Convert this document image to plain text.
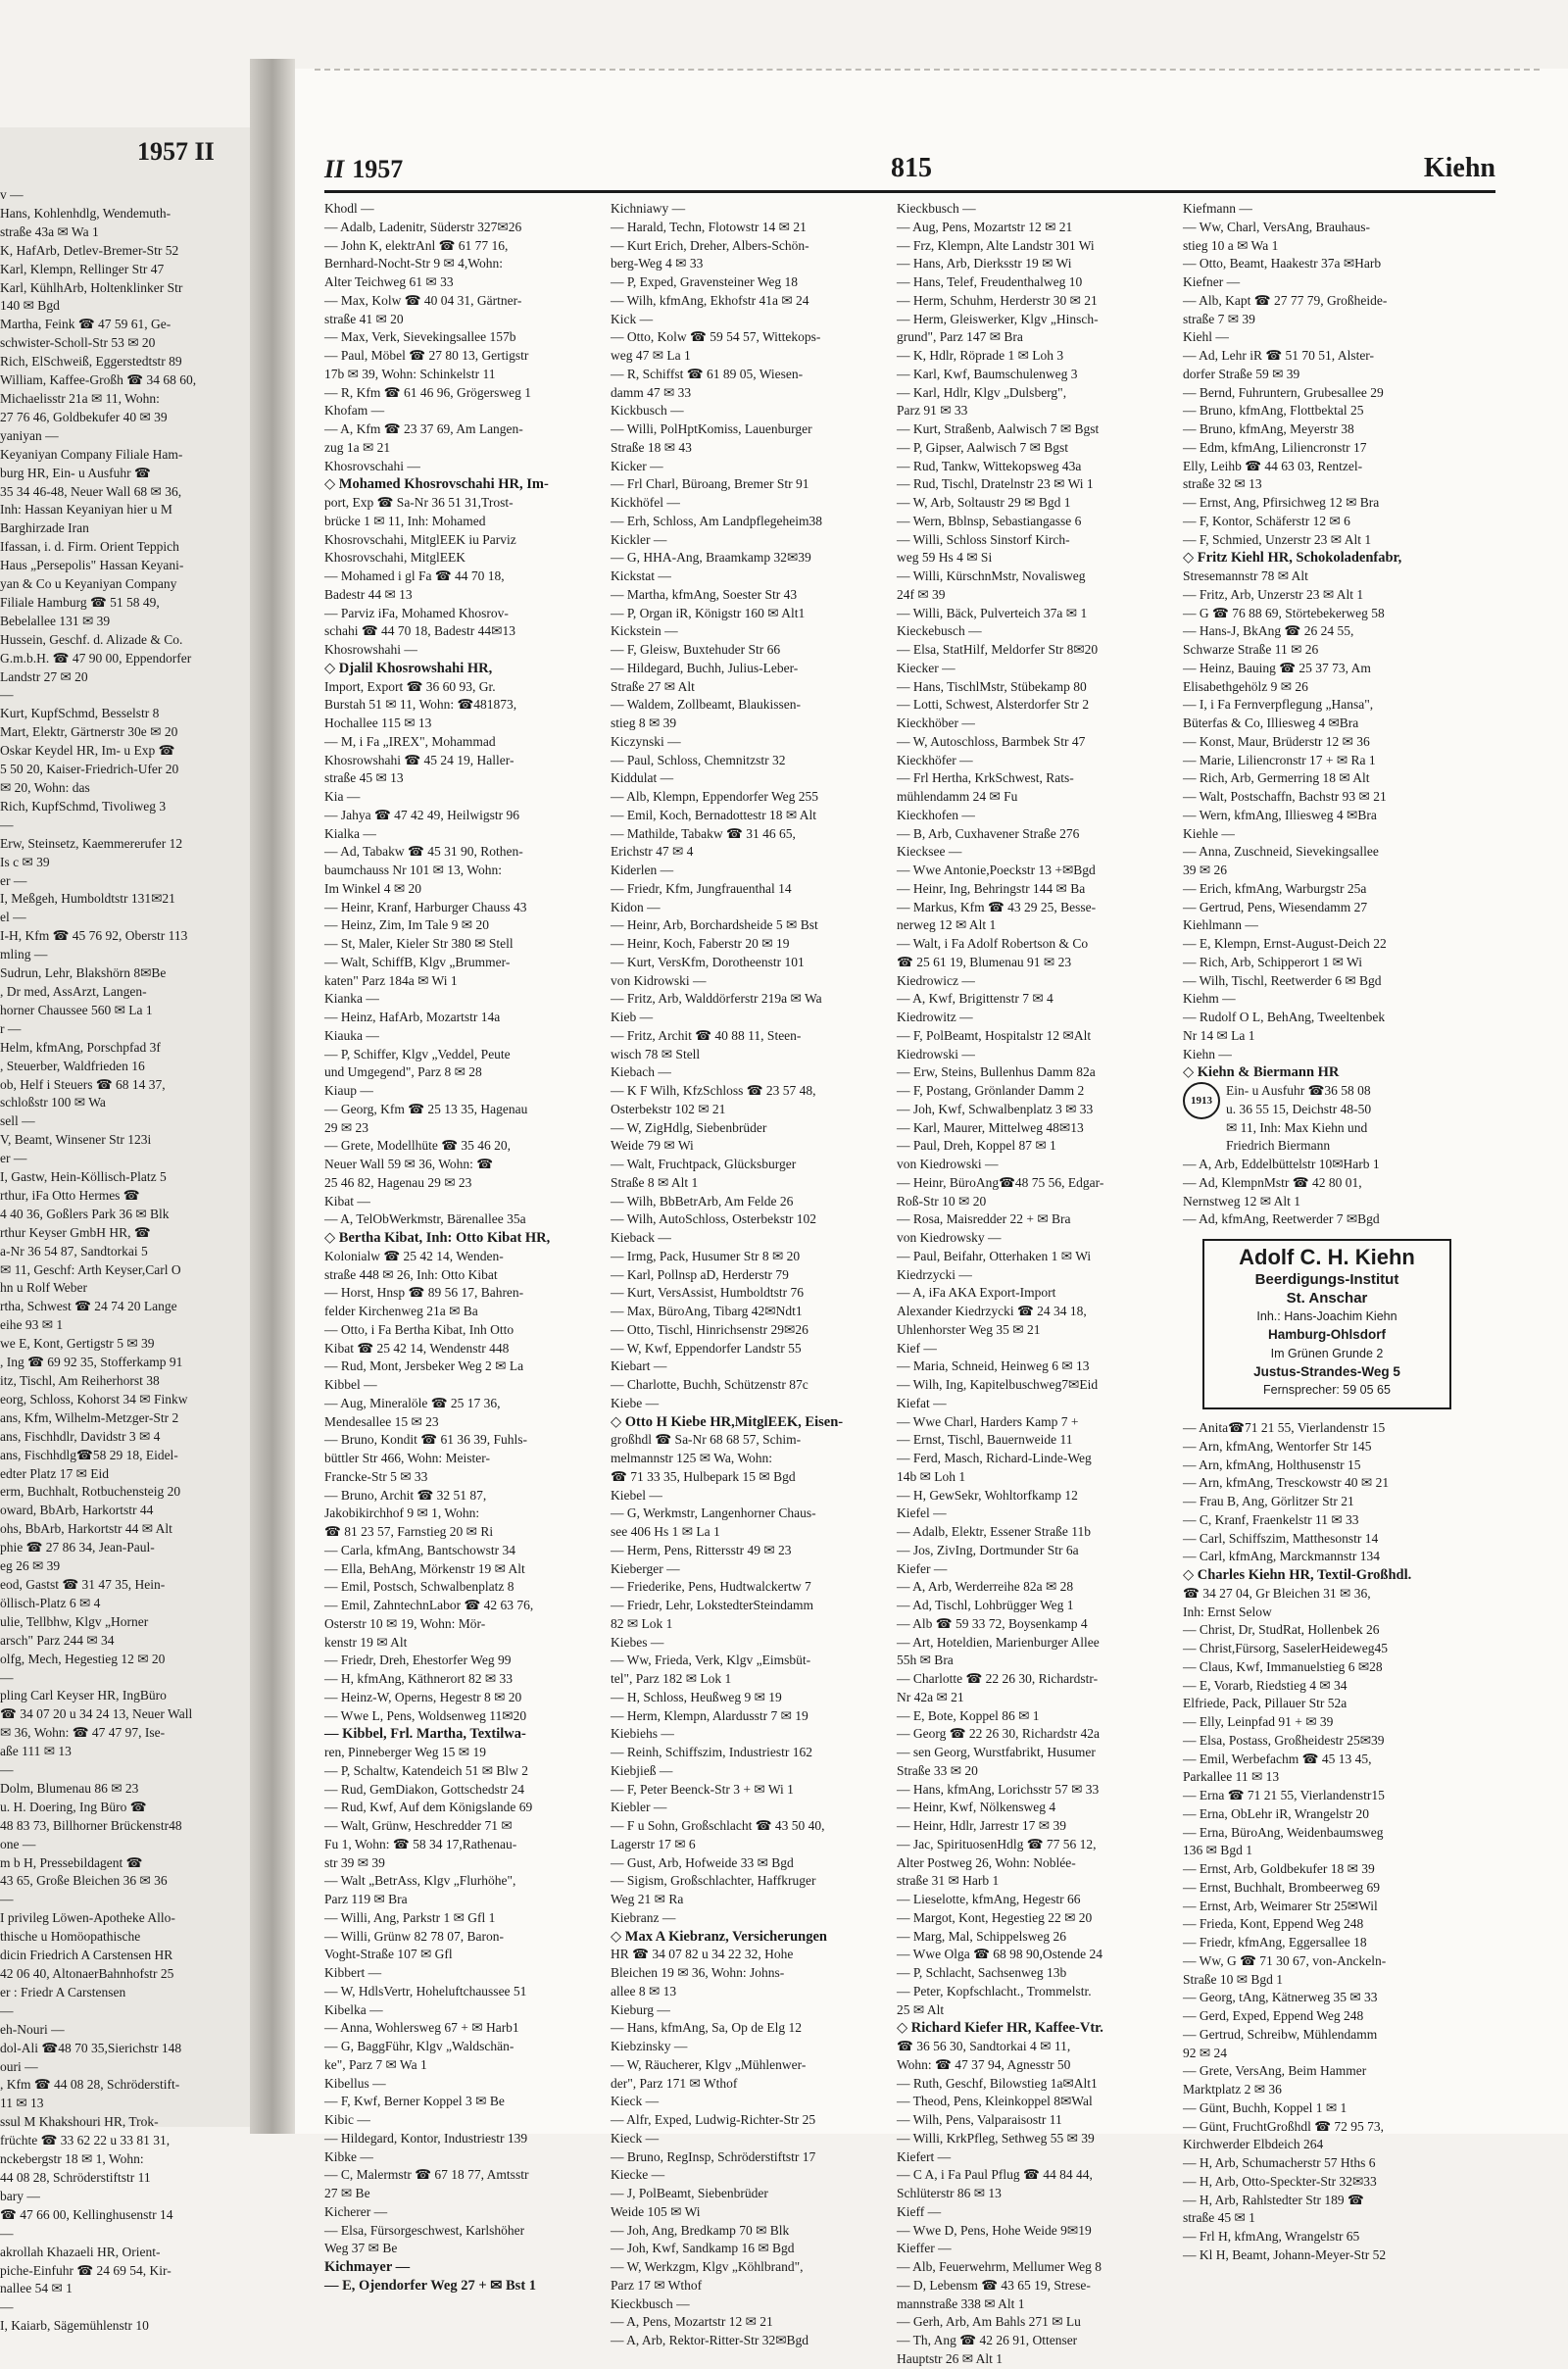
1957 II
v —
Hans, Kohlenhdlg, Wendemuth-
straße 43a ✉ Wa 1
K, HafArb, Detlev-Bremer-Str 52
Karl, Klempn, Rellinger Str 47
Karl, KühlhArb, Holtenklinker Str
140 ✉ Bgd
Martha, Feink ☎ 47 59 61, Ge-
schwister-Scholl-Str 53 ✉ 20
Rich, ElSchweiß, Eggerstedtstr 89
William, Kaffee-Großh ☎ 34 68 60,
Michaelisstr 21a ✉ 11, Wohn:
27 76 46, Goldbekufer 40 ✉ 39
yaniyan —
Keyaniyan Company Filiale Ham-
burg HR, Ein- u Ausfuhr ☎
35 34 46-48, Neuer Wall 68 ✉ 36,
Inh: Hassan Keyaniyan hier u M
Barghirzade Iran
Ifassan, i. d. Firm. Orient Teppich
Haus „Persepolis" Hassan Keyani-
yan & Co u Keyaniyan Company
Filiale Hamburg ☎ 51 58 49,
Bebelallee 131 ✉ 39
Hussein, Geschf. d. Alizade & Co.
G.m.b.H. ☎ 47 90 00, Eppendorfer
Landstr 27 ✉ 20
—
Kurt, KupfSchmd, Besselstr 8
Mart, Elektr, Gärtnerstr 30e ✉ 20
Oskar Keydel HR, Im- u Exp ☎
5 50 20, Kaiser-Friedrich-Ufer 20
✉ 20, Wohn: das
Rich, KupfSchmd, Tivoliweg 3
—
Erw, Steinsetz, Kaemmererufer 12
Is c ✉ 39
er —
I, Meßgeh, Humboldtstr 131✉21
el —
I-H, Kfm ☎ 45 76 92, Oberstr 113
mling —
Sudrun, Lehr, Blakshörn 8✉Be
, Dr med, AssArzt, Langen-
horner Chaussee 560 ✉ La 1
r —
Helm, kfmAng, Porschpfad 3f
, Steuerber, Waldfrieden 16
ob, Helf i Steuers ☎ 68 14 37,
schloßstr 100 ✉ Wa
sell —
V, Beamt, Winsener Str 123i
er —
I, Gastw, Hein-Köllisch-Platz 5
rthur, iFa Otto Hermes ☎
4 40 36, Goßlers Park 36 ✉ Blk
rthur Keyser GmbH HR, ☎
a-Nr 36 54 87, Sandtorkai 5
✉ 11, Geschf: Arth Keyser,Carl O
hn u Rolf Weber
rtha, Schwest ☎ 24 74 20 Lange
eihe 93 ✉ 1
we E, Kont, Gertigstr 5 ✉ 39
, Ing ☎ 69 92 35, Stofferkamp 91
itz, Tischl, Am Reiherhorst 38
eorg, Schloss, Kohorst 34 ✉ Finkw
ans, Kfm, Wilhelm-Metzger-Str 2
ans, Fischhdlr, Davidstr 3 ✉ 4
ans, Fischhdlg☎58 29 18, Eidel-
edter Platz 17 ✉ Eid
erm, Buchhalt, Rotbuchensteig 20
oward, BbArb, Harkortstr 44
ohs, BbArb, Harkortstr 44 ✉ Alt
phie ☎ 27 86 34, Jean-Paul-
eg 26 ✉ 39
eod, Gastst ☎ 31 47 35, Hein-
öllisch-Platz 6 ✉ 4
ulie, Tellbhw, Klgv „Horner
arsch" Parz 244 ✉ 34
olfg, Mech, Hegestieg 12 ✉ 20
—
pling Carl Keyser HR, IngBüro
☎ 34 07 20 u 34 24 13, Neuer Wall
✉ 36, Wohn: ☎ 47 47 97, Ise-
aße 111 ✉ 13
—
Dolm, Blumenau 86 ✉ 23
u. H. Doering, Ing Büro ☎
48 83 73, Billhorner Brückenstr48
one —
m b H, Pressebildagent ☎
43 65, Große Bleichen 36 ✉ 36
—
I privileg Löwen-Apotheke Allo-
thische u Homöopathische
dicin Friedrich A Carstensen HR
42 06 40, AltonaerBahnhofstr 25
er : Friedr A Carstensen
—
eh-Nouri —
dol-Ali ☎48 70 35,Sierichstr 148
ouri —
, Kfm ☎ 44 08 28, Schröderstift-
11 ✉ 13
ssul M Khakshouri HR, Trok-
früchte ☎ 33 62 22 u 33 81 31,
nckebergstr 18 ✉ 1, Wohn:
44 08 28, Schröderstiftstr 11
bary —
☎ 47 66 00, Kellinghusenstr 14
—
akrollah Khazaeli HR, Orient-
piche-Einfuhr ☎ 24 69 54, Kir-
nallee 54 ✉ 1
—
I, Kaiarb, Sägemühlenstr 10
II 1957	815	Kiehn
Khodl —
— Adalb, Ladenitr, Süderstr 327✉26
— John K, elektrAnl ☎ 61 77 16,
Bernhard-Nocht-Str 9 ✉ 4,Wohn:
Alter Teichweg 61 ✉ 33
— Max, Kolw ☎ 40 04 31, Gärtner-
straße 41 ✉ 20
— Max, Verk, Sievekingsallee 157b
— Paul, Möbel ☎ 27 80 13, Gertigstr
17b ✉ 39, Wohn: Schinkelstr 11
— R, Kfm ☎ 61 46 96, Grögersweg 1
Khofam —
— A, Kfm ☎ 23 37 69, Am Langen-
zug 1a ✉ 21
Khosrovschahi —
◇ Mohamed Khosrovschahi HR, Im-
port, Exp ☎ Sa-Nr 36 51 31,Trost-
brücke 1 ✉ 11, Inh: Mohamed
Khosrovschahi, MitglEEK iu Parviz
Khosrovschahi, MitglEEK
— Mohamed i gl Fa ☎ 44 70 18,
Badestr 44 ✉ 13
— Parviz iFa, Mohamed Khosrov-
schahi ☎ 44 70 18, Badestr 44✉13
Khosrowshahi —
◇ Djalil Khosrowshahi HR,
Import, Export ☎ 36 60 93, Gr.
Burstah 51 ✉ 11, Wohn: ☎481873,
Hochallee 115 ✉ 13
— M, i Fa „IREX", Mohammad
Khosrowshahi ☎ 45 24 19, Haller-
straße 45 ✉ 13
Kia —
— Jahya ☎ 47 42 49, Heilwigstr 96
Kialka —
— Ad, Tabakw ☎ 45 31 90, Rothen-
baumchauss Nr 101 ✉ 13, Wohn:
Im Winkel 4 ✉ 20
— Heinr, Kranf, Harburger Chauss 43
— Heinz, Zim, Im Tale 9 ✉ 20
— St, Maler, Kieler Str 380 ✉ Stell
— Walt, SchiffB, Klgv „Brummer-
katen" Parz 184a ✉ Wi 1
Kianka —
— Heinz, HafArb, Mozartstr 14a
Kiauka —
— P, Schiffer, Klgv „Veddel, Peute
und Umgegend", Parz 8 ✉ 28
Kiaup —
— Georg, Kfm ☎ 25 13 35, Hagenau
29 ✉ 23
— Grete, Modellhüte ☎ 35 46 20,
Neuer Wall 59 ✉ 36, Wohn: ☎
25 46 82, Hagenau 29 ✉ 23
Kibat —
— A, TelObWerkmstr, Bärenallee 35a
◇ Bertha Kibat, Inh: Otto Kibat HR,
Kolonialw ☎ 25 42 14, Wenden-
straße 448 ✉ 26, Inh: Otto Kibat
— Horst, Hnsp ☎ 89 56 17, Bahren-
felder Kirchenweg 21a ✉ Ba
— Otto, i Fa Bertha Kibat, Inh Otto
Kibat ☎ 25 42 14, Wendenstr 448
— Rud, Mont, Jersbeker Weg 2 ✉ La
Kibbel —
— Aug, Mineralöle ☎ 25 17 36,
Mendesallee 15 ✉ 23
— Bruno, Kondit ☎ 61 36 39, Fuhls-
büttler Str 466, Wohn: Meister-
Francke-Str 5 ✉ 33
— Bruno, Archit ☎ 32 51 87,
Jakobikirchhof 9 ✉ 1, Wohn:
☎ 81 23 57, Farnstieg 20 ✉ Ri
— Carla, kfmAng, Bantschowstr 34
— Ella, BehAng, Mörkenstr 19 ✉ Alt
— Emil, Postsch, Schwalbenplatz 8
— Emil, ZahntechnLabor ☎ 42 63 76,
Osterstr 10 ✉ 19, Wohn: Mör-
kenstr 19 ✉ Alt
— Friedr, Dreh, Ehestorfer Weg 99
— H, kfmAng, Käthnerort 82 ✉ 33
— Heinz-W, Operns, Hegestr 8 ✉ 20
— Wwe L, Pens, Woldsenweg 11✉20
— Kibbel, Frl. Martha, Textilwa-
ren, Pinneberger Weg 15 ✉ 19
— P, Schaltw, Katendeich 51 ✉ Blw 2
— Rud, GemDiakon, Gottschedstr 24
— Rud, Kwf, Auf dem Königslande 69
— Walt, Grünw, Heschredder 71 ✉
Fu 1, Wohn: ☎ 58 34 17,Rathenau-
str 39 ✉ 39
— Walt „BetrAss, Klgv „Flurhöhe",
Parz 119 ✉ Bra
— Willi, Ang, Parkstr 1 ✉ Gfl 1
— Willi, Grünw 82 78 07, Baron-
Voght-Straße 107 ✉ Gfl
Kibbert —
— W, HdlsVertr, Hoheluftchaussee 51
Kibelka —
— Anna, Wohlersweg 67 + ✉ Harb1
— G, BaggFühr, Klgv „Waldschän-
ke", Parz 7 ✉ Wa 1
Kibellus —
— F, Kwf, Berner Koppel 3 ✉ Be
Kibic —
— Hildegard, Kontor, Industriestr 139
Kibke —
— C, Malermstr ☎ 67 18 77, Amtsstr
27 ✉ Be
Kicherer —
— Elsa, Fürsorgeschwest, Karlshöher
Weg 37 ✉ Be
Kichmayer —
— E, Ojendorfer Weg 27 + ✉ Bst 1
Kichniawy —
— Harald, Techn, Flotowstr 14 ✉ 21
— Kurt Erich, Dreher, Albers-Schön-
berg-Weg 4 ✉ 33
— P, Exped, Gravensteiner Weg 18
— Wilh, kfmAng, Ekhofstr 41a ✉ 24
Kick —
— Otto, Kolw ☎ 59 54 57, Wittekops-
weg 47 ✉ La 1
— R, Schiffst ☎ 61 89 05, Wiesen-
damm 47 ✉ 33
Kickbusch —
— Willi, PolHptKomiss, Lauenburger
Straße 18 ✉ 43
Kicker —
— Frl Charl, Büroang, Bremer Str 91
Kickhöfel —
— Erh, Schloss, Am Landpflegeheim38
Kickler —
— G, HHA-Ang, Braamkamp 32✉39
Kickstat —
— Martha, kfmAng, Soester Str 43
— P, Organ iR, Königstr 160 ✉ Alt1
Kickstein —
— F, Gleisw, Buxtehuder Str 66
— Hildegard, Buchh, Julius-Leber-
Straße 27 ✉ Alt
— Waldem, Zollbeamt, Blaukissen-
stieg 8 ✉ 39
Kiczynski —
— Paul, Schloss, Chemnitzstr 32
Kiddulat —
— Alb, Klempn, Eppendorfer Weg 255
— Emil, Koch, Bernadottestr 18 ✉ Alt
— Mathilde, Tabakw ☎ 31 46 65,
Erichstr 47 ✉ 4
Kiderlen —
— Friedr, Kfm, Jungfrauenthal 14
Kidon —
— Heinr, Arb, Borchardsheide 5 ✉ Bst
— Heinr, Koch, Faberstr 20 ✉ 19
— Kurt, VersKfm, Dorotheenstr 101
von Kidrowski —
— Fritz, Arb, Walddörferstr 219a ✉ Wa
Kieb —
— Fritz, Archit ☎ 40 88 11, Steen-
wisch 78 ✉ Stell
Kiebach —
— K F Wilh, KfzSchloss ☎ 23 57 48,
Osterbekstr 102 ✉ 21
— W, ZigHdlg, Siebenbrüder
Weide 79 ✉ Wi
— Walt, Fruchtpack, Glücksburger
Straße 8 ✉ Alt 1
— Wilh, BbBetrArb, Am Felde 26
— Wilh, AutoSchloss, Osterbekstr 102
Kieback —
— Irmg, Pack, Husumer Str 8 ✉ 20
— Karl, Pollnsp aD, Herderstr 79
— Kurt, VersAssist, Humboldtstr 76
— Max, BüroAng, Tibarg 42✉Ndt1
— Otto, Tischl, Hinrichsenstr 29✉26
— W, Kwf, Eppendorfer Landstr 55
Kiebart —
— Charlotte, Buchh, Schützenstr 87c
Kiebe —
◇ Otto H Kiebe HR,MitglEEK, Eisen-
großhdl ☎ Sa-Nr 68 68 57, Schim-
melmannstr 125 ✉ Wa, Wohn:
☎ 71 33 35, Hulbepark 15 ✉ Bgd
Kiebel —
— G, Werkmstr, Langenhorner Chaus-
see 406 Hs 1 ✉ La 1
— Herm, Pens, Rittersstr 49 ✉ 23
Kieberger —
— Friederike, Pens, Hudtwalckertw 7
— Friedr, Lehr, LokstedterSteindamm
82 ✉ Lok 1
Kiebes —
— Ww, Frieda, Verk, Klgv „Eimsbüt-
tel", Parz 182 ✉ Lok 1
— H, Schloss, Heußweg 9 ✉ 19
— Herm, Klempn, Alardusstr 7 ✉ 19
Kiebiehs —
— Reinh, Schiffszim, Industriestr 162
Kiebjieß —
— F, Peter Beenck-Str 3 + ✉ Wi 1
Kiebler —
— F u Sohn, Großschlacht ☎ 43 50 40,
Lagerstr 17 ✉ 6
— Gust, Arb, Hofweide 33 ✉ Bgd
— Sigism, Großschlachter, Haffkruger
Weg 21 ✉ Ra
Kiebranz —
◇ Max A Kiebranz, Versicherungen
HR ☎ 34 07 82 u 34 22 32, Hohe
Bleichen 19 ✉ 36, Wohn: Johns-
allee 8 ✉ 13
Kieburg —
— Hans, kfmAng, Sa, Op de Elg 12
Kiebzinsky —
— W, Räucherer, Klgv „Mühlenwer-
der", Parz 171 ✉ Wthof
Kieck —
— Alfr, Exped, Ludwig-Richter-Str 25
Kieck —
— Bruno, RegInsp, Schröderstiftstr 17
Kiecke —
— J, PolBeamt, Siebenbrüder
Weide 105 ✉ Wi
— Joh, Ang, Bredkamp 70 ✉ Blk
— Joh, Kwf, Sandkamp 16 ✉ Bgd
— W, Werkzgm, Klgv „Köhlbrand",
Parz 17 ✉ Wthof
Kieckbusch —
— A, Pens, Mozartstr 12 ✉ 21
— A, Arb, Rektor-Ritter-Str 32✉Bgd
Kieckbusch —
— Aug, Pens, Mozartstr 12 ✉ 21
— Frz, Klempn, Alte Landstr 301 Wi
— Hans, Arb, Dierksstr 19 ✉ Wi
— Hans, Telef, Freudenthalweg 10
— Herm, Schuhm, Herderstr 30 ✉ 21
— Herm, Gleiswerker, Klgv „Hinsch-
grund", Parz 147 ✉ Bra
— K, Hdlr, Röprade 1 ✉ Loh 3
— Karl, Kwf, Baumschulenweg 3
— Karl, Hdlr, Klgv „Dulsberg",
Parz 91 ✉ 33
— Kurt, Straßenb, Aalwisch 7 ✉ Bgst
— P, Gipser, Aalwisch 7 ✉ Bgst
— Rud, Tankw, Wittekopsweg 43a
— Rud, Tischl, Dratelnstr 23 ✉ Wi 1
— W, Arb, Soltaustr 29 ✉ Bgd 1
— Wern, Bblnsp, Sebastiangasse 6
— Willi, Schloss Sinstorf Kirch-
weg 59 Hs 4 ✉ Si
— Willi, KürschnMstr, Novalisweg
24f ✉ 39
— Willi, Bäck, Pulverteich 37a ✉ 1
Kieckebusch —
— Elsa, StatHilf, Meldorfer Str 8✉20
Kiecker —
— Hans, TischlMstr, Stübekamp 80
— Lotti, Schwest, Alsterdorfer Str 2
Kieckhöber —
— W, Autoschloss, Barmbek Str 47
Kieckhöfer —
— Frl Hertha, KrkSchwest, Rats-
mühlendamm 24 ✉ Fu
Kieckhofen —
— B, Arb, Cuxhavener Straße 276
Kiecksee —
— Wwe Antonie,Poeckstr 13 +✉Bgd
— Heinr, Ing, Behringstr 144 ✉ Ba
— Markus, Kfm ☎ 43 29 25, Besse-
nerweg 12 ✉ Alt 1
— Walt, i Fa Adolf Robertson & Co
☎ 25 61 19, Blumenau 91 ✉ 23
Kiedrowicz —
— A, Kwf, Brigittenstr 7 ✉ 4
Kiedrowitz —
— F, PolBeamt, Hospitalstr 12 ✉Alt
Kiedrowski —
— Erw, Steins, Bullenhus Damm 82a
— F, Postang, Grönlander Damm 2
— Joh, Kwf, Schwalbenplatz 3 ✉ 33
— Karl, Maurer, Mittelweg 48✉13
— Paul, Dreh, Koppel 87 ✉ 1
von Kiedrowski —
— Heinr, BüroAng☎48 75 56, Edgar-
Roß-Str 10 ✉ 20
— Rosa, Maisredder 22 + ✉ Bra
von Kiedrowsky —
— Paul, Beifahr, Otterhaken 1 ✉ Wi
Kiedrzycki —
— A, iFa AKA Export-Import
Alexander Kiedrzycki ☎ 24 34 18,
Uhlenhorster Weg 35 ✉ 21
Kief —
— Maria, Schneid, Heinweg 6 ✉ 13
— Wilh, Ing, Kapitelbuschweg7✉Eid
Kiefat —
— Wwe Charl, Harders Kamp 7 +
— Ernst, Tischl, Bauernweide 11
— Ferd, Masch, Richard-Linde-Weg
14b ✉ Loh 1
— H, GewSekr, Wohltorfkamp 12
Kiefel —
— Adalb, Elektr, Essener Straße 11b
— Jos, ZivIng, Dortmunder Str 6a
Kiefer —
— A, Arb, Werderreihe 82a ✉ 28
— Ad, Tischl, Lohbrügger Weg 1
— Alb ☎ 59 33 72, Boysenkamp 4
— Art, Hoteldien, Marienburger Allee
55h ✉ Bra
— Charlotte ☎ 22 26 30, Richardstr-
Nr 42a ✉ 21
— E, Bote, Koppel 86 ✉ 1
— Georg ☎ 22 26 30, Richardstr 42a
— sen Georg, Wurstfabrikt, Husumer
Straße 33 ✉ 20
— Hans, kfmAng, Lorichsstr 57 ✉ 33
— Heinr, Kwf, Nölkensweg 4
— Heinr, Hdlr, Jarrestr 17 ✉ 39
— Jac, SpirituosenHdlg ☎ 77 56 12,
Alter Postweg 26, Wohn: Noblée-
straße 31 ✉ Harb 1
— Lieselotte, kfmAng, Hegestr 66
— Margot, Kont, Hegestieg 22 ✉ 20
— Marg, Mal, Schippelsweg 26
— Wwe Olga ☎ 68 98 90,Ostende 24
— P, Schlacht, Sachsenweg 13b
— Peter, Kopfschlacht., Trommelstr.
25 ✉ Alt
◇ Richard Kiefer HR, Kaffee-Vtr.
☎ 36 56 30, Sandtorkai 4 ✉ 11,
Wohn: ☎ 47 37 94, Agnesstr 50
— Ruth, Geschf, Bilowstieg 1a✉Alt1
— Theod, Pens, Kleinkoppel 8✉Wal
— Wilh, Pens, Valparaisostr 11
— Willi, KrkPfleg, Sethweg 55 ✉ 39
Kiefert —
— C A, i Fa Paul Pflug ☎ 44 84 44,
Schlüterstr 86 ✉ 13
Kieff —
— Wwe D, Pens, Hohe Weide 9✉19
Kieffer —
— Alb, Feuerwehrm, Mellumer Weg 8
— D, Lebensm ☎ 43 65 19, Strese-
mannstraße 338 ✉ Alt 1
— Gerh, Arb, Am Bahls 271 ✉ Lu
— Th, Ang ☎ 42 26 91, Ottenser
Hauptstr 26 ✉ Alt 1
Kiefmann —
— Ww, Charl, VersAng, Brauhaus-
stieg 10 a ✉ Wa 1
— Otto, Beamt, Haakestr 37a ✉Harb
Kiefner —
— Alb, Kapt ☎ 27 77 79, Großheide-
straße 7 ✉ 39
Kiehl —
— Ad, Lehr iR ☎ 51 70 51, Alster-
dorfer Straße 59 ✉ 39
— Bernd, Fuhruntern, Grubesallee 29
— Bruno, kfmAng, Flottbektal 25
— Bruno, kfmAng, Meyerstr 38
— Edm, kfmAng, Liliencronstr 17
Elly, Leihb ☎ 44 63 03, Rentzel-
straße 32 ✉ 13
— Ernst, Ang, Pfirsichweg 12 ✉ Bra
— F, Kontor, Schäferstr 12 ✉ 6
— F, Schmied, Unzerstr 23 ✉ Alt 1
◇ Fritz Kiehl HR, Schokoladenfabr,
Stresemannstr 78 ✉ Alt
— Fritz, Arb, Unzerstr 23 ✉ Alt 1
— G ☎ 76 88 69, Störtebekerweg 58
— Hans-J, BkAng ☎ 26 24 55,
Schwarze Straße 11 ✉ 26
— Heinz, Bauing ☎ 25 37 73, Am
Elisabethgehölz 9 ✉ 26
— I, i Fa Fernverpflegung „Hansa",
Büterfas & Co, Illiesweg 4 ✉Bra
— Konst, Maur, Brüderstr 12 ✉ 36
— Marie, Liliencronstr 17 + ✉ Ra 1
— Rich, Arb, Germerring 18 ✉ Alt
— Walt, Postschaffn, Bachstr 93 ✉ 21
— Wern, kfmAng, Illiesweg 4 ✉Bra
Kiehle —
— Anna, Zuschneid, Sievekingsallee
39 ✉ 26
— Erich, kfmAng, Warburgstr 25a
— Gertrud, Pens, Wiesendamm 27
Kiehlmann —
— E, Klempn, Ernst-August-Deich 22
— Rich, Arb, Schipperort 1 ✉ Wi
— Wilh, Tischl, Reetwerder 6 ✉ Bgd
Kiehm —
— Rudolf O L, BehAng, Tweeltenbek
Nr 14 ✉ La 1
Kiehn —
◇ Kiehn & Biermann HR
1913
Ein- u Ausfuhr ☎36 58 08
u. 36 55 15, Deichstr 48-50
✉ 11, Inh: Max Kiehn und
Friedrich Biermann
— A, Arb, Eddelbüttelstr 10✉Harb 1
— Ad, KlempnMstr ☎ 42 80 01,
Nernstweg 12 ✉ Alt 1
— Ad, kfmAng, Reetwerder 7 ✉Bgd
Adolf C. H. Kiehn
Beerdigungs-Institut
St. Anschar
Inh.: Hans-Joachim Kiehn
Hamburg-Ohlsdorf
Im Grünen Grunde 2
Justus-Strandes-Weg 5
Fernsprecher: 59 05 65
— Anita☎71 21 55, Vierlandenstr 15
— Arn, kfmAng, Wentorfer Str 145
— Arn, kfmAng, Holthusenstr 15
— Arn, kfmAng, Tresckowstr 40 ✉ 21
— Frau B, Ang, Görlitzer Str 21
— C, Kranf, Fraenkelstr 11 ✉ 33
— Carl, Schiffszim, Matthesonstr 14
— Carl, kfmAng, Marckmannstr 134
◇ Charles Kiehn HR, Textil-Großhdl.
☎ 34 27 04, Gr Bleichen 31 ✉ 36,
Inh: Ernst Selow
— Christ, Dr, StudRat, Hollenbek 26
— Christ,Fürsorg, SaselerHeideweg45
— Claus, Kwf, Immanuelstieg 6 ✉28
— E, Vorarb, Riedstieg 4 ✉ 34
Elfriede, Pack, Pillauer Str 52a
— Elly, Leinpfad 91 + ✉ 39
— Elsa, Postass, Großheidestr 25✉39
— Emil, Werbefachm ☎ 45 13 45,
Parkallee 11 ✉ 13
— Erna ☎ 71 21 55, Vierlandenstr15
— Erna, ObLehr iR, Wrangelstr 20
— Erna, BüroAng, Weidenbaumsweg
136 ✉ Bgd 1
— Ernst, Arb, Goldbekufer 18 ✉ 39
— Ernst, Buchhalt, Brombeerweg 69
— Ernst, Arb, Weimarer Str 25✉Wil
— Frieda, Kont, Eppend Weg 248
— Friedr, kfmAng, Eggersallee 18
— Ww, G ☎ 71 30 67, von-Anckeln-
Straße 10 ✉ Bgd 1
— Georg, tAng, Kätnerweg 35 ✉ 33
— Gerd, Exped, Eppend Weg 248
— Gertrud, Schreibw, Mühlendamm
92 ✉ 24
— Grete, VersAng, Beim Hammer
Marktplatz 2 ✉ 36
— Günt, Buchh, Koppel 1 ✉ 1
— Günt, FruchtGroßhdl ☎ 72 95 73,
Kirchwerder Elbdeich 264
— H, Arb, Schumacherstr 57 Hths 6
— H, Arb, Otto-Speckter-Str 32✉33
— H, Arb, Rahlstedter Str 189 ☎
straße 45 ✉ 1
— Frl H, kfmAng, Wrangelstr 65
— Kl H, Beamt, Johann-Meyer-Str 52
